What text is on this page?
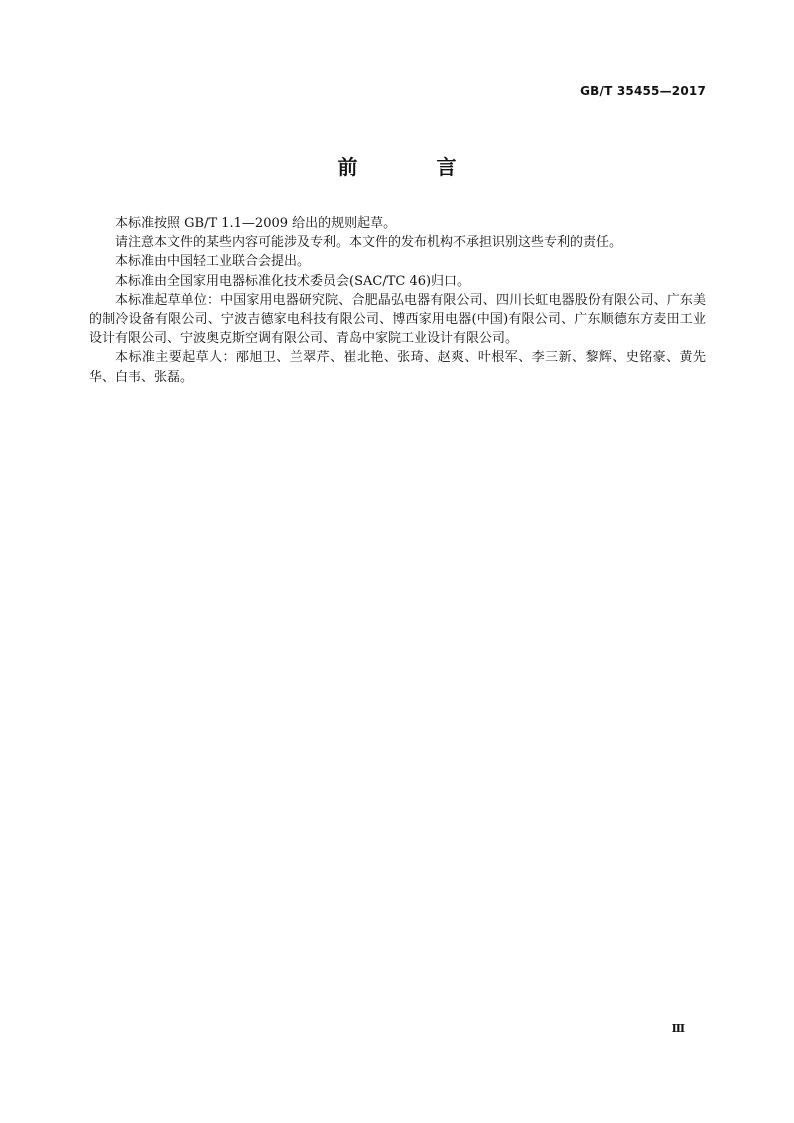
GB/T 35455—2017
前 言

本标准按照 GB/T 1.1—2009 给出的规则起草。

请注意本文件的某些内容可能涉及专利。本文件的发布机构不承担识别这些专利的责任。

本标准由中国轻工业联合会提出。

本标准由全国家用电器标准化技术委员会(SAC/TC 46)归口。

本标准起草单位：中国家用电器研究院、合肥晶弘电器有限公司、四川长虹电器股份有限公司、广东美的制冷设备有限公司、宁波吉德家电科技有限公司、博西家用电器(中国)有限公司、广东顺德东方麦田工业设计有限公司、宁波奥克斯空调有限公司、青岛中家院工业设计有限公司。

本标准主要起草人：邴旭卫、兰翠芹、崔北艳、张琦、赵爽、叶根军、李三新、黎辉、史铭豪、黄先华、白韦、张磊。

Ⅲ
